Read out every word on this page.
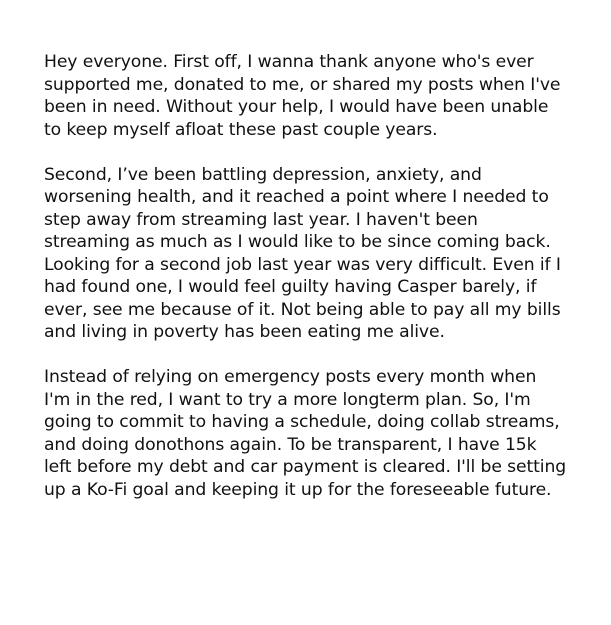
Hey everyone. First off, I wanna thank anyone who's ever
supported me, donated to me, or shared my posts when I've
been in need. Without your help, I would have been unable
to keep myself afloat these past couple years.

Second, I’ve been battling depression, anxiety, and
worsening health, and it reached a point where I needed to
step away from streaming last year. I haven't been
streaming as much as I would like to be since coming back.
Looking for a second job last year was very difficult. Even if I
had found one, I would feel guilty having Casper barely, if
ever, see me because of it. Not being able to pay all my bills
and living in poverty has been eating me alive.

Instead of relying on emergency posts every month when
I'm in the red, I want to try a more longterm plan. So, I'm
going to commit to having a schedule, doing collab streams,
and doing donothons again. To be transparent, I have 15k
left before my debt and car payment is cleared. I'll be setting
up a Ko-Fi goal and keeping it up for the foreseeable future.
